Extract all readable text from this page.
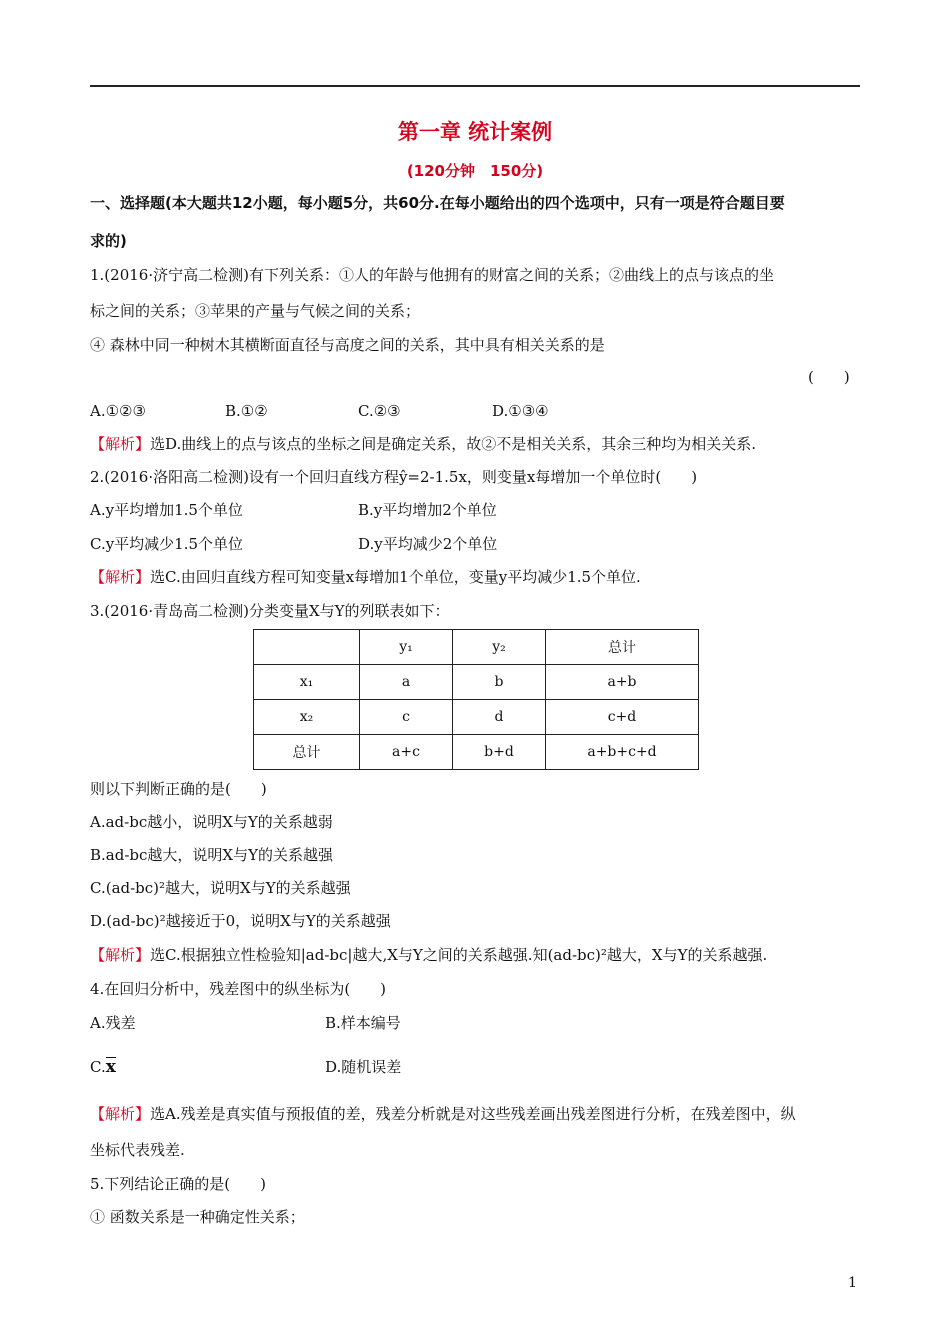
第一章 统计案例
(120分钟　150分)
一、选择题(本大题共12小题，每小题5分，共60分.在每小题给出的四个选项中，只有一项是符合题目要
求的)
1.(2016·济宁高二检测)有下列关系：①人的年龄与他拥有的财富之间的关系；②曲线上的点与该点的坐
标之间的关系；③苹果的产量与气候之间的关系；
④ 森林中同一种树木其横断面直径与高度之间的关系，其中具有相关关系的是
(　　)
A.①②③	B.①②	C.②③	D.①③④
【解析】选D.曲线上的点与该点的坐标之间是确定关系，故②不是相关关系，其余三种均为相关关系.
2.(2016·洛阳高二检测)设有一个回归直线方程ŷ=2-1.5x，则变量x每增加一个单位时(　　)
A.y平均增加1.5个单位	B.y平均增加2个单位
C.y平均减少1.5个单位	D.y平均减少2个单位
【解析】选C.由回归直线方程可知变量x每增加1个单位，变量y平均减少1.5个单位.
3.(2016·青岛高二检测)分类变量X与Y的列联表如下：
	y₁	y₂	总计
x₁	a	b	a+b
x₂	c	d	c+d
总计	a+c	b+d	a+b+c+d
则以下判断正确的是(　　)
A.ad-bc越小，说明X与Y的关系越弱
B.ad-bc越大，说明X与Y的关系越强
C.(ad-bc)²越大，说明X与Y的关系越强
D.(ad-bc)²越接近于0，说明X与Y的关系越强
【解析】选C.根据独立性检验知|ad-bc|越大,X与Y之间的关系越强.知(ad-bc)²越大，X与Y的关系越强.
4.在回归分析中，残差图中的纵坐标为(　　)
A.残差	B.样本编号
C.x	D.随机误差
【解析】选A.残差是真实值与预报值的差，残差分析就是对这些残差画出残差图进行分析，在残差图中，纵
坐标代表残差.
5.下列结论正确的是(　　)
① 函数关系是一种确定性关系；
1
